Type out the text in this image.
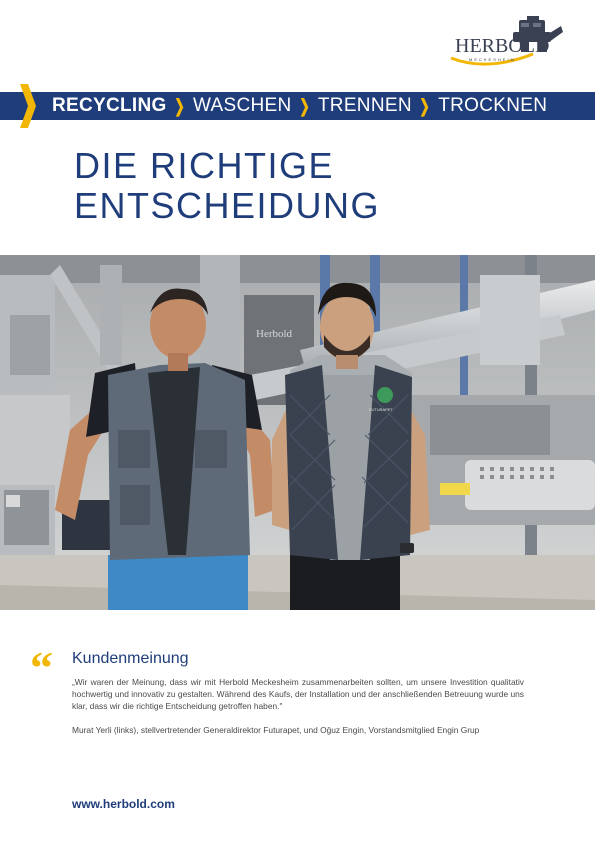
HERBOLD
MECKESHEIM
RECYCLING ❯ WASCHEN ❯ TRENNEN ❯ TROCKNEN
DIE RICHTIGE
ENTSCHEIDUNG
Herbold
FUTURAPET
“ Kundenmeinung

„Wir waren der Meinung, dass wir mit Herbold Meckesheim zusammenarbeiten sollten, um unsere Investition qualitativ hochwertig und innovativ zu gestalten. Während des Kaufs, der Installation und der anschließenden Betreuung wurde uns klar, dass wir die richtige Entscheidung getroffen haben."

Murat Yerli (links), stellvertretender Generaldirektor Futurapet, und Oğuz Engin, Vorstandsmitglied Engin Grup

www.herbold.com
